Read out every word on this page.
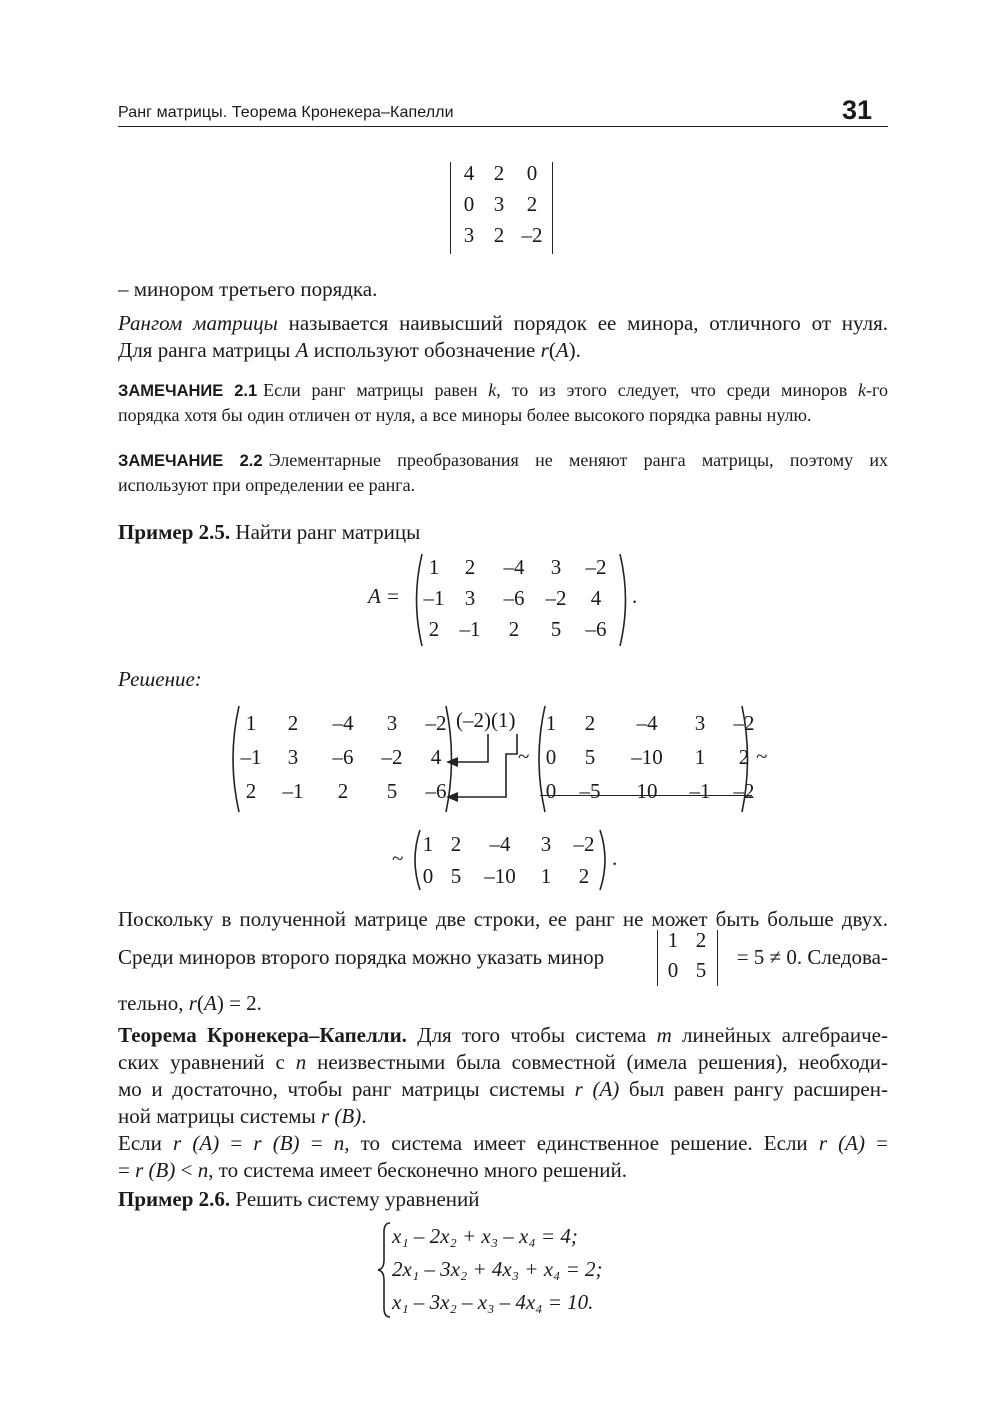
Ранг матрицы. Теорема Кронекера–Капелли	31
4 2	0
0 3	2
3 2 –2
– минором третьего порядка.
Рангом матрицы называется наивысший порядок ее минора, отличного от нуля.
Для ранга матрицы A используют обозначение r(A).
ЗАМЕЧАНИЕ 2.1 Если ранг матрицы равен k, то из этого следует, что среди миноров k-го
порядка хотя бы один отличен от нуля, а все миноры более высокого порядка равны нулю.
ЗАМЕЧАНИЕ 2.2 Элементарные преобразования не меняют ранга матрицы, поэтому их
используют при определении ее ранга.
Пример 2.5. Найти ранг матрицы
A =
1	2	–4	3	–2
–1 3	–6	–2	4
2 –1	2	5	–6
.
Решение:
1	2	–4	3	–2
–1	3	–6	–2	4
2	–1	2	5	–6
(–2)(1)
~
1	2	–4	3	–2
0	5	–10	1	2
0	–5	10	–1	–2
~
~
1 2	–4	3	–2
0 5	–10	1	2
.
Поскольку в полученной матрице две строки, ее ранг не может быть больше двух.
Среди миноров второго порядка можно указать минор
1 2
0 5
= 5 ≠ 0. Следова-
тельно, r(A) = 2.
Теорема Кронекера–Капелли. Для того чтобы система m линейных алгебраиче-
ских уравнений с n неизвестными была совместной (имела решения), необходи-
мо и достаточно, чтобы ранг матрицы системы r (A) был равен рангу расширен-
ной матрицы системы r (B).
Если r (A) = r (B) = n, то система имеет единственное решение. Если r (A) =
= r (B) < n, то система имеет бесконечно много решений.
Пример 2.6. Решить систему уравнений
x₁ – 2x₂ + x₃ – x₄ = 4;
2x₁ – 3x₂ + 4x₃ + x₄ = 2;
x₁ – 3x₂ – x₃ – 4x₄ = 10.
